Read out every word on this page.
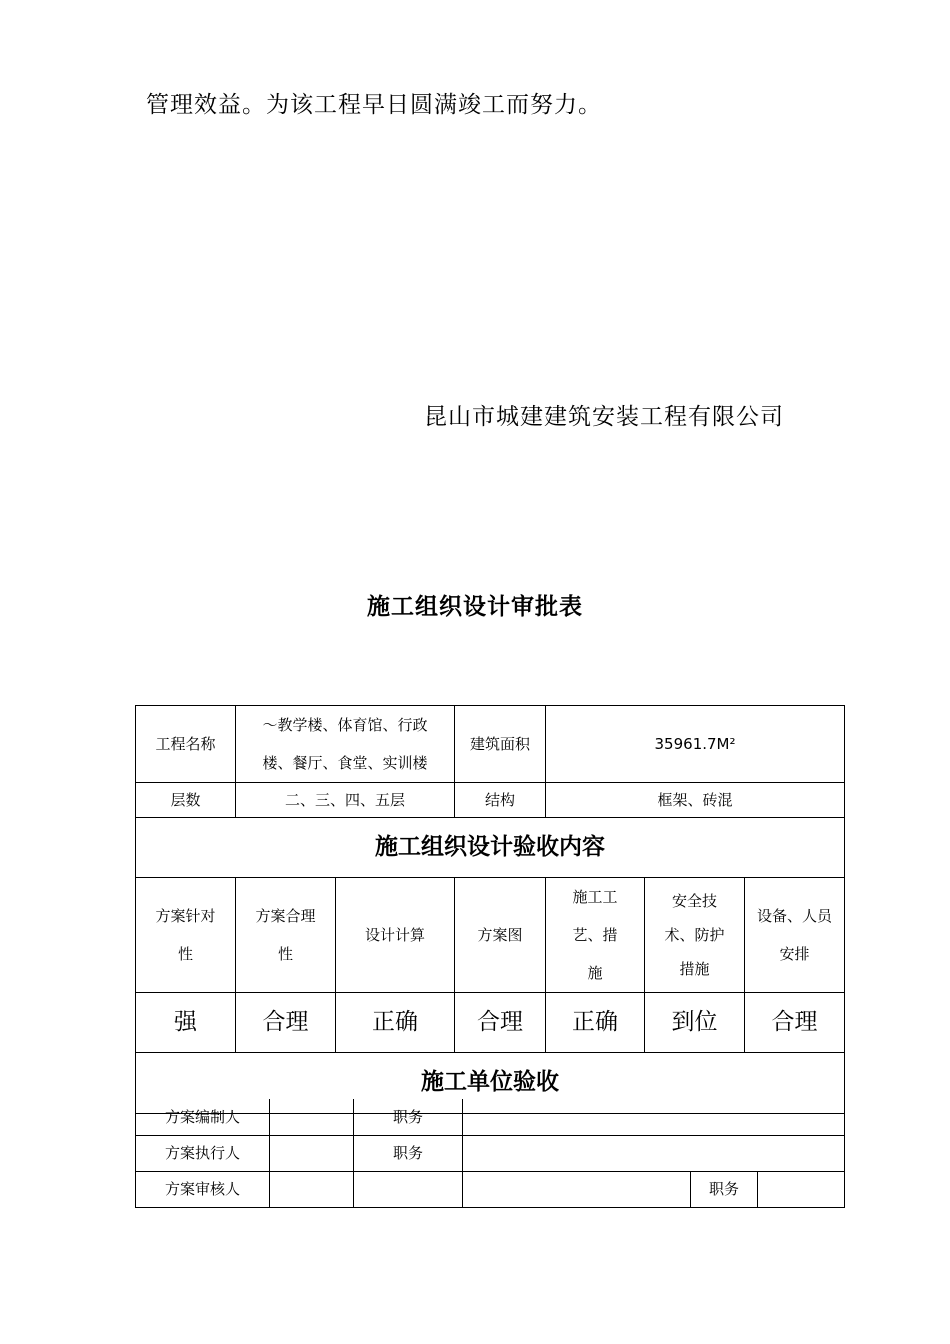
管理效益。为该工程早日圆满竣工而努力。
昆山市城建建筑安装工程有限公司
施工组织设计审批表
工程名称	～教学楼、体育馆、行政楼、餐厅、食堂、实训楼		建筑面积	35961.7M²		
层数	二、三、四、五层		结构	框架、砖混		
施工组织设计验收内容						
方案针对性	方案合理性	设计计算	方案图	施工工艺、措施	安全技术、防护措施	设备、人员安排
强	合理	正确	合理	正确	到位	合理
施工单位验收						
方案编制人		职务			
方案执行人		职务			
方案审核人				职务	
